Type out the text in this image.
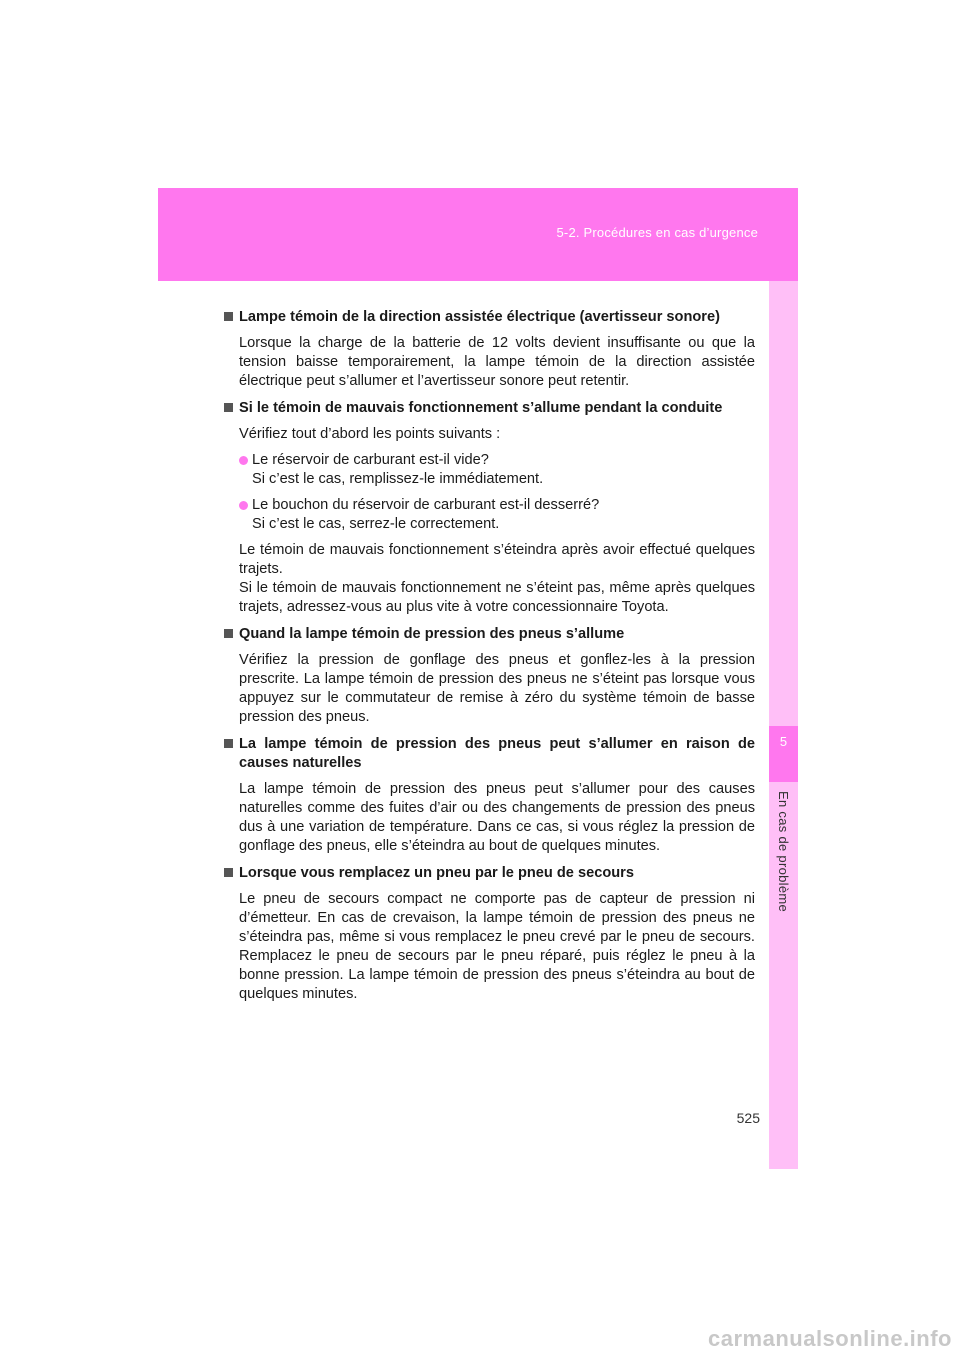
5-2. Procédures en cas d’urgence
5
En cas de problème
Lampe témoin de la direction assistée électrique (avertisseur sonore)

Lorsque la charge de la batterie de 12 volts devient insuffisante ou que la tension baisse temporairement, la lampe témoin de la direction assistée électrique peut s’allumer et l’avertisseur sonore peut retentir.

Si le témoin de mauvais fonctionnement s’allume pendant la conduite

Vérifiez tout d’abord les points suivants :

Le réservoir de carburant est-il vide?
Si c’est le cas, remplissez-le immédiatement.
Le bouchon du réservoir de carburant est-il desserré?
Si c’est le cas, serrez-le correctement.

Le témoin de mauvais fonctionnement s’éteindra après avoir effectué quelques trajets.
Si le témoin de mauvais fonctionnement ne s’éteint pas, même après quelques trajets, adressez-vous au plus vite à votre concessionnaire Toyota.

Quand la lampe témoin de pression des pneus s’allume

Vérifiez la pression de gonflage des pneus et gonflez-les à la pression prescrite. La lampe témoin de pression des pneus ne s’éteint pas lorsque vous appuyez sur le commutateur de remise à zéro du système témoin de basse pression des pneus.

La lampe témoin de pression des pneus peut s’allumer en raison de causes naturelles

La lampe témoin de pression des pneus peut s’allumer pour des causes naturelles comme des fuites d’air ou des changements de pression des pneus dus à une variation de température. Dans ce cas, si vous réglez la pression de gonflage des pneus, elle s’éteindra au bout de quelques minutes.

Lorsque vous remplacez un pneu par le pneu de secours

Le pneu de secours compact ne comporte pas de capteur de pression ni d’émetteur. En cas de crevaison, la lampe témoin de pression des pneus ne s’éteindra pas, même si vous remplacez le pneu crevé par le pneu de secours. Remplacez le pneu de secours par le pneu réparé, puis réglez le pneu à la bonne pression. La lampe témoin de pression des pneus s’éteindra au bout de quelques minutes.

525
carmanualsonline.info
